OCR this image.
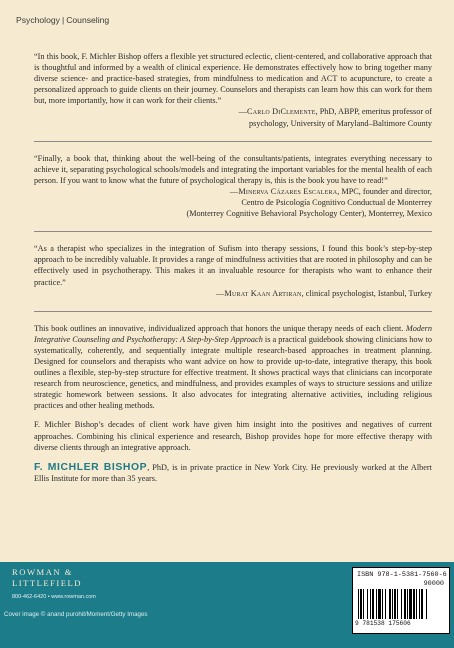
Psychology | Counseling

“In this book, F. Michler Bishop offers a flexible yet structured eclectic, client-centered, and collaborative approach that is thoughtful and informed by a wealth of clinical experience. He demonstrates effectively how to bring together many diverse science- and practice-based strategies, from mindfulness to medication and ACT to acupuncture, to create a personalized approach to guide clients on their journey. Counselors and therapists can learn how this can work for them but, more importantly, how it can work for their clients.”

—Carlo DiClemente, PhD, ABPP, emeritus professor of

psychology, University of Maryland–Baltimore County

“Finally, a book that, thinking about the well-being of the consultants/patients, integrates everything necessary to achieve it, separating psychological schools/models and integrating the important variables for the mental health of each person. If you want to know what the future of psychological therapy is, this is the book you have to read!”

—Minerva Cázares Escalera, MPC, founder and director,

Centro de Psicología Cognitivo Conductual de Monterrey

(Monterrey Cognitive Behavioral Psychology Center), Monterrey, Mexico

“As a therapist who specializes in the integration of Sufism into therapy sessions, I found this book’s step-by-step approach to be incredibly valuable. It provides a range of mindfulness activities that are rooted in philosophy and can be effectively used in psychotherapy. This makes it an invaluable resource for therapists who want to enhance their practice.”

—Murat Kaan Artiran, clinical psychologist, Istanbul, Turkey

This book outlines an innovative, individualized approach that honors the unique therapy needs of each client. Modern Integrative Counseling and Psychotherapy: A Step-by-Step Approach is a practical guidebook showing clinicians how to systematically, coherently, and sequentially integrate multiple research-based approaches in treatment planning. Designed for counselors and therapists who want advice on how to provide up-to-date, integrative therapy, this book outlines a flexible, step-by-step structure for effective treatment. It shows practical ways that clinicians can incorporate research from neuroscience, genetics, and mindfulness, and provides examples of ways to structure sessions and utilize strategic homework between sessions. It also advocates for integrating alternative activities, including religious practices and other healing methods.

F. Michler Bishop’s decades of client work have given him insight into the positives and negatives of current approaches. Combining his clinical experience and research, Bishop provides hope for more effective therapy with diverse clients through an integrative approach.

F. MICHLER BISHOP, PhD, is in private practice in New York City. He previously worked at the Albert Ellis Institute for more than 35 years.

ROWMAN &
LITTLEFIELD
800-462-6420 • www.rowman.com
Cover image © anand purohit/Moment/Getty Images
ISBN 978-1-5381-7560-6
90000
9 781538 175606
